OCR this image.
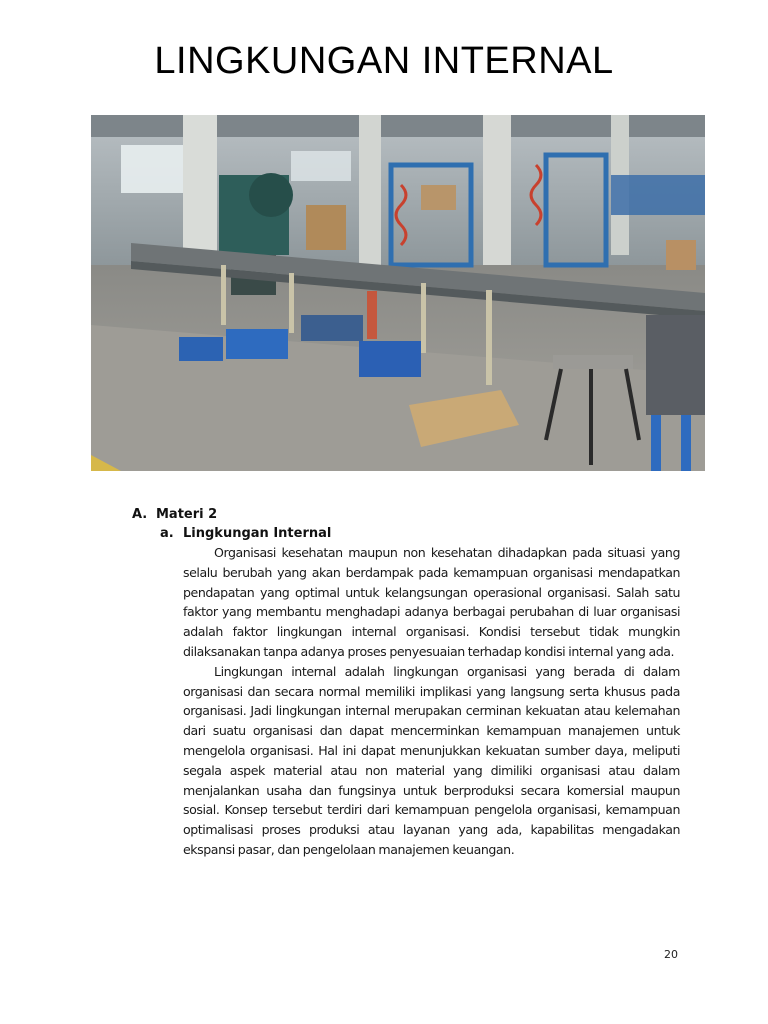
LINGKUNGAN INTERNAL

A. Materi 2

a. Lingkungan Internal

Organisasi kesehatan maupun non kesehatan dihadapkan pada situasi yang selalu berubah yang akan berdampak pada kemampuan organisasi mendapatkan pendapatan yang optimal untuk kelangsungan operasional organisasi. Salah satu faktor yang membantu menghadapi adanya berbagai perubahan di luar organisasi adalah faktor lingkungan internal organisasi. Kondisi tersebut tidak mungkin dilaksanakan tanpa adanya proses penyesuaian terhadap kondisi internal yang ada.

Lingkungan internal adalah lingkungan organisasi yang berada di dalam organisasi dan secara normal memiliki implikasi yang langsung serta khusus pada organisasi. Jadi lingkungan internal merupakan cerminan kekuatan atau kelemahan dari suatu organisasi dan dapat mencerminkan kemampuan manajemen untuk mengelola organisasi. Hal ini dapat menunjukkan kekuatan sumber daya, meliputi segala aspek material atau non material yang dimiliki organisasi atau dalam menjalankan usaha dan fungsinya untuk berproduksi secara komersial maupun sosial. Konsep tersebut terdiri dari kemampuan pengelola organisasi, kemampuan optimalisasi proses produksi atau layanan yang ada, kapabilitas mengadakan ekspansi pasar, dan pengelolaan manajemen keuangan.

20
